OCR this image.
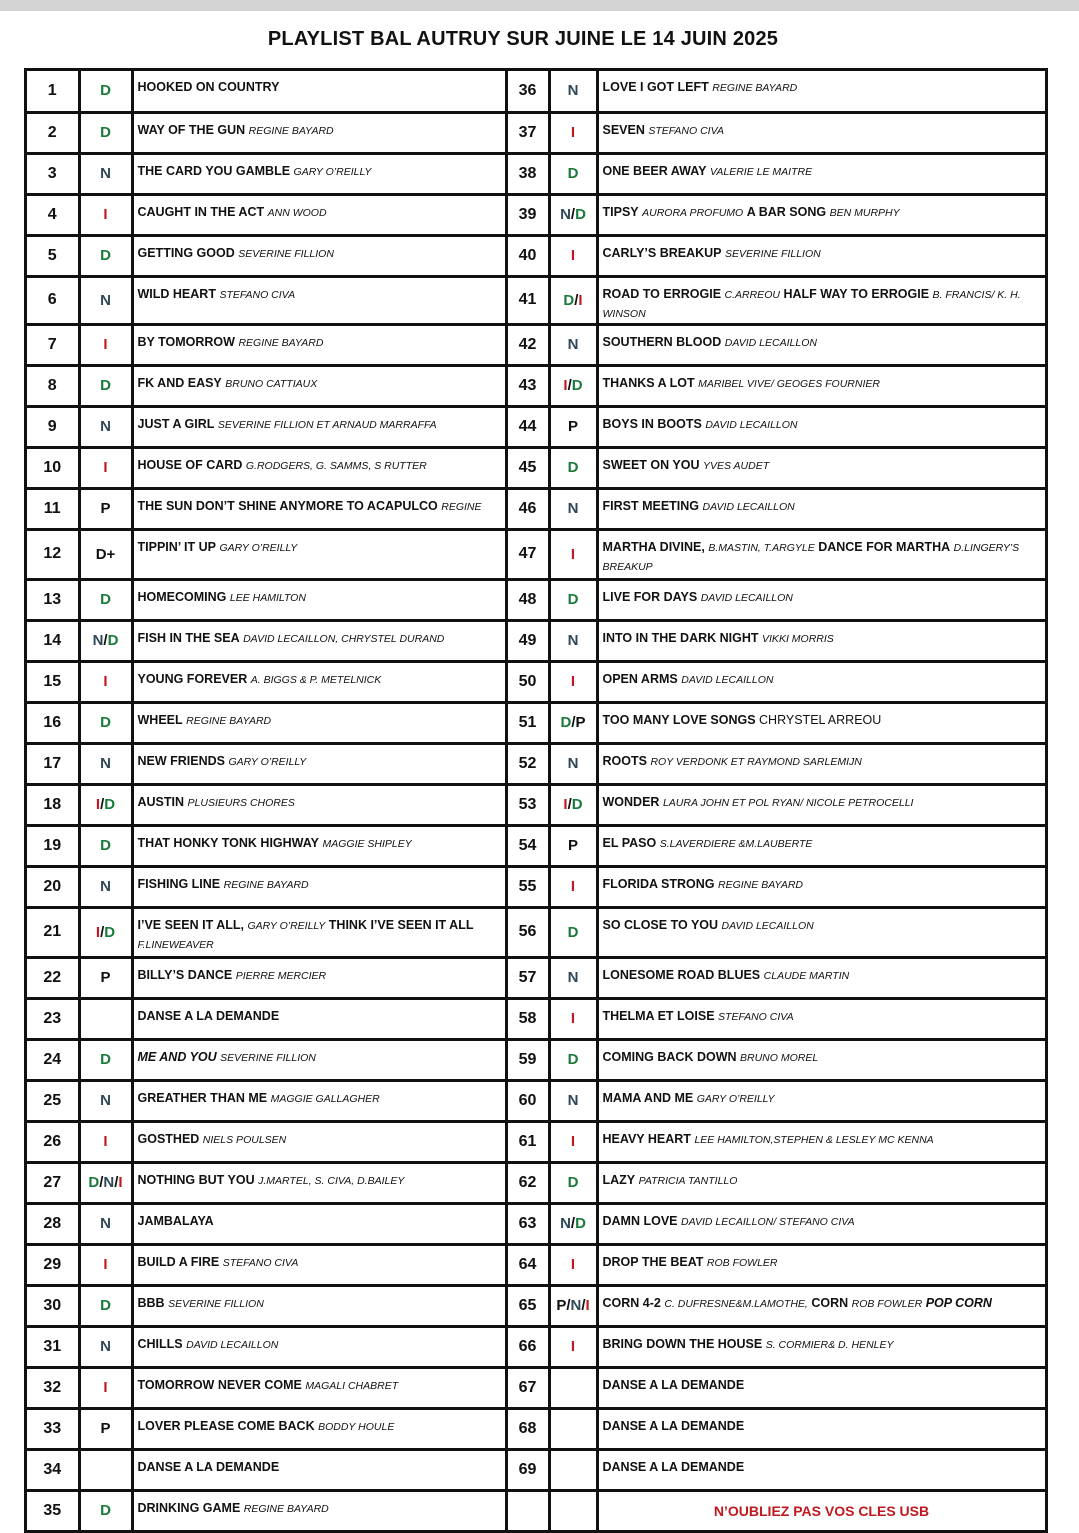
PLAYLIST BAL AUTRUY SUR JUINE LE 14 JUIN 2025
1	D	HOOKED ON COUNTRY	36	N	LOVE I GOT LEFT REGINE BAYARD
2	D	WAY OF THE GUN REGINE BAYARD	37	I	SEVEN STEFANO CIVA
3	N	THE CARD YOU GAMBLE GARY O’REILLY	38	D	ONE BEER AWAY VALERIE LE MAITRE
4	I	CAUGHT IN THE ACT ANN WOOD	39	N/D	TIPSY AURORA PROFUMO A BAR SONG BEN MURPHY
5	D	GETTING GOOD SEVERINE FILLION	40	I	CARLY’S BREAKUP SEVERINE FILLION
6	N	WILD HEART STEFANO CIVA	41	D/I	ROAD TO ERROGIE C.ARREOU HALF WAY TO ERROGIE B. FRANCIS/ K. H. WINSON
7	I	BY TOMORROW REGINE BAYARD	42	N	SOUTHERN BLOOD DAVID LECAILLON
8	D	FK AND EASY BRUNO CATTIAUX	43	I/D	THANKS A LOT MARIBEL VIVE/ GEOGES FOURNIER
9	N	JUST A GIRL SEVERINE FILLION ET ARNAUD MARRAFFA	44	P	BOYS IN BOOTS DAVID LECAILLON
10	I	HOUSE OF CARD G.RODGERS, G. SAMMS, S RUTTER	45	D	SWEET ON YOU YVES AUDET
11	P	THE SUN DON’T SHINE ANYMORE TO ACAPULCO REGINE	46	N	FIRST MEETING DAVID LECAILLON
12	D+	TIPPIN’ IT UP GARY O’REILLY	47	I	MARTHA DIVINE, B.MASTIN, T.ARGYLE DANCE FOR MARTHA D.LINGERY’S BREAKUP
13	D	HOMECOMING LEE HAMILTON	48	D	LIVE FOR DAYS DAVID LECAILLON
14	N/D	FISH IN THE SEA DAVID LECAILLON, CHRYSTEL DURAND	49	N	INTO IN THE DARK NIGHT VIKKI MORRIS
15	I	YOUNG FOREVER A. BIGGS & P. METELNICK	50	I	OPEN ARMS DAVID LECAILLON
16	D	WHEEL REGINE BAYARD	51	D/P	TOO MANY LOVE SONGS CHRYSTEL ARREOU
17	N	NEW FRIENDS GARY O’REILLY	52	N	ROOTS ROY VERDONK ET RAYMOND SARLEMIJN
18	I/D	AUSTIN PLUSIEURS CHORES	53	I/D	WONDER LAURA JOHN ET POL RYAN/ NICOLE PETROCELLI
19	D	THAT HONKY TONK HIGHWAY MAGGIE SHIPLEY	54	P	EL PASO S.LAVERDIERE &M.LAUBERTE
20	N	FISHING LINE REGINE BAYARD	55	I	FLORIDA STRONG REGINE BAYARD
21	I/D	I’VE SEEN IT ALL, GARY O’REILLY THINK I’VE SEEN IT ALL F.LINEWEAVER	56	D	SO CLOSE TO YOU DAVID LECAILLON
22	P	BILLY’S DANCE PIERRE MERCIER	57	N	LONESOME ROAD BLUES CLAUDE MARTIN
23		DANSE A LA DEMANDE	58	I	THELMA ET LOISE STEFANO CIVA
24	D	ME AND YOU SEVERINE FILLION	59	D	COMING BACK DOWN BRUNO MOREL
25	N	GREATHER THAN ME MAGGIE GALLAGHER	60	N	MAMA AND ME GARY O’REILLY
26	I	GOSTHED NIELS POULSEN	61	I	HEAVY HEART LEE HAMILTON,STEPHEN & LESLEY MC KENNA
27	D/N/I	NOTHING BUT YOU J.MARTEL, S. CIVA, D.BAILEY	62	D	LAZY PATRICIA TANTILLO
28	N	JAMBALAYA	63	N/D	DAMN LOVE DAVID LECAILLON/ STEFANO CIVA
29	I	BUILD A FIRE STEFANO CIVA	64	I	DROP THE BEAT ROB FOWLER
30	D	BBB SEVERINE FILLION	65	P/N/I	CORN 4-2 C. DUFRESNE&M.LAMOTHE, CORN ROB FOWLER POP CORN
31	N	CHILLS DAVID LECAILLON	66	I	BRING DOWN THE HOUSE S. CORMIER& D. HENLEY
32	I	TOMORROW NEVER COME MAGALI CHABRET	67		DANSE A LA DEMANDE
33	P	LOVER PLEASE COME BACK BODDY HOULE	68		DANSE A LA DEMANDE
34		DANSE A LA DEMANDE	69		DANSE A LA DEMANDE
35	D	DRINKING GAME REGINE BAYARD			N’OUBLIEZ PAS VOS CLES USB
